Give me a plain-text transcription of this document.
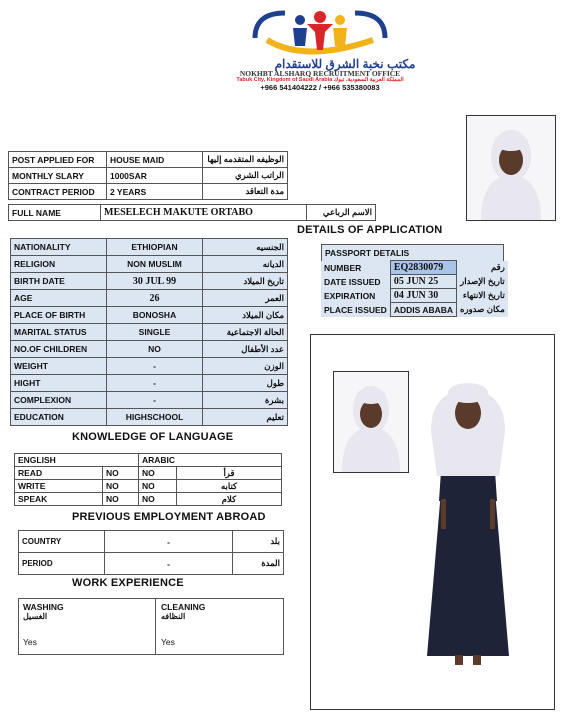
مكتب نخبة الشرق للاستقدام
NOKHBT ALSHARQ RECRUITMENT OFFICE
Tabuk City, Kingdom of Saudi Arabia المملكة العربية السعودية، تبوك
+966 541404222 / +966 535380083
POST APPLIED FOR	HOUSE MAID	الوظيفه المتقدمه إليها
MONTHLY SLARY	1000SAR	الراتب الشري
CONTRACT PERIOD	2 YEARS	مدة التعاقد
FULL NAME	MESELECH MAKUTE ORTABO	الاسم الرباعي
DETAILS OF APPLICATION
NATIONALITY	ETHIOPIAN	الجنسيه
RELIGION	NON MUSLIM	الديانه
BIRTH DATE	30 JUL 99	تاريخ الميلاد
AGE	26	العمر
PLACE OF BIRTH	BONOSHA	مكان الميلاد
MARITAL STATUS	SINGLE	الحالة الاجتماعية
NO.OF CHILDREN	NO	عدد الأطفال
WEIGHT	-	الوزن
HIGHT	-	طول
COMPLEXION	-	بشرة
EDUCATION	HIGHSCHOOL	تعليم
PASSPORT DETALIS
NUMBER	EQ2830079	رقم
DATE ISSUED	05 JUN 25	تاريخ الإصدار
EXPIRATION	04 JUN 30	تاريخ الانتهاء
PLACE ISSUED	ADDIS ABABA	مكان صدوره
KNOWLEDGE OF LANGUAGE
ENGLISH		ARABIC	
READ	NO	NO	قرأ
WRITE	NO	NO	كتابه
SPEAK	NO	NO	كلام
PREVIOUS EMPLOYMENT ABROAD
COUNTRY	-	بلد
PERIOD	-	المدة
WORK EXPERIENCE
WASHING
الغسيل
Yes
CLEANING
النظافه
Yes
